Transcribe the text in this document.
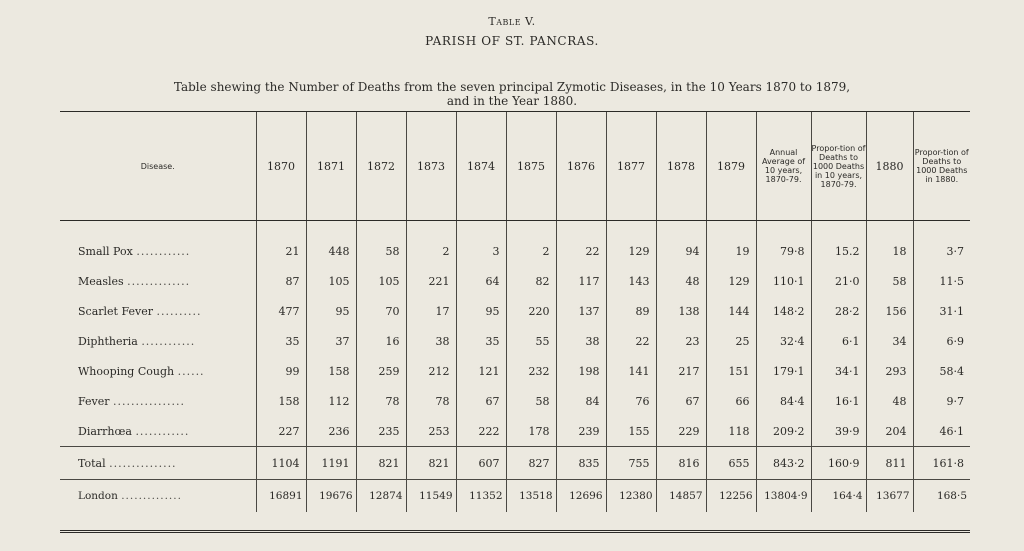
Table V.
PARISH OF ST. PANCRAS.
Table shewing the Number of Deaths from the seven principal Zymotic Diseases, in the 10 Years 1870 to 1879,
and in the Year 1880.
Disease.	1870	1871	1872	1873	1874	1875	1876	1877	1878	1879	Annual Average of 10 years, 1870-79.	Propor-tion of Deaths to 1000 Deaths in 10 years, 1870-79.	1880	Propor-tion of Deaths to 1000 Deaths in 1880.

Small Pox ............	21	448	58	2	3	2	22	129	94	19	79·8	15.2	18	3·7
Measles ..............	87	105	105	221	64	82	117	143	48	129	110·1	21·0	58	11·5
Scarlet Fever ..........	477	95	70	17	95	220	137	89	138	144	148·2	28·2	156	31·1
Diphtheria ............	35	37	16	38	35	55	38	22	23	25	32·4	6·1	34	6·9
Whooping Cough ......	99	158	259	212	121	232	198	141	217	151	179·1	34·1	293	58·4
Fever ................	158	112	78	78	67	58	84	76	67	66	84·4	16·1	48	9·7
Diarrhœa ............	227	236	235	253	222	178	239	155	229	118	209·2	39·9	204	46·1
Total ...............	1104	1191	821	821	607	827	835	755	816	655	843·2	160·9	811	161·8
London ..............	16891	19676	12874	11549	11352	13518	12696	12380	14857	12256	13804·9	164·4	13677	168·5
